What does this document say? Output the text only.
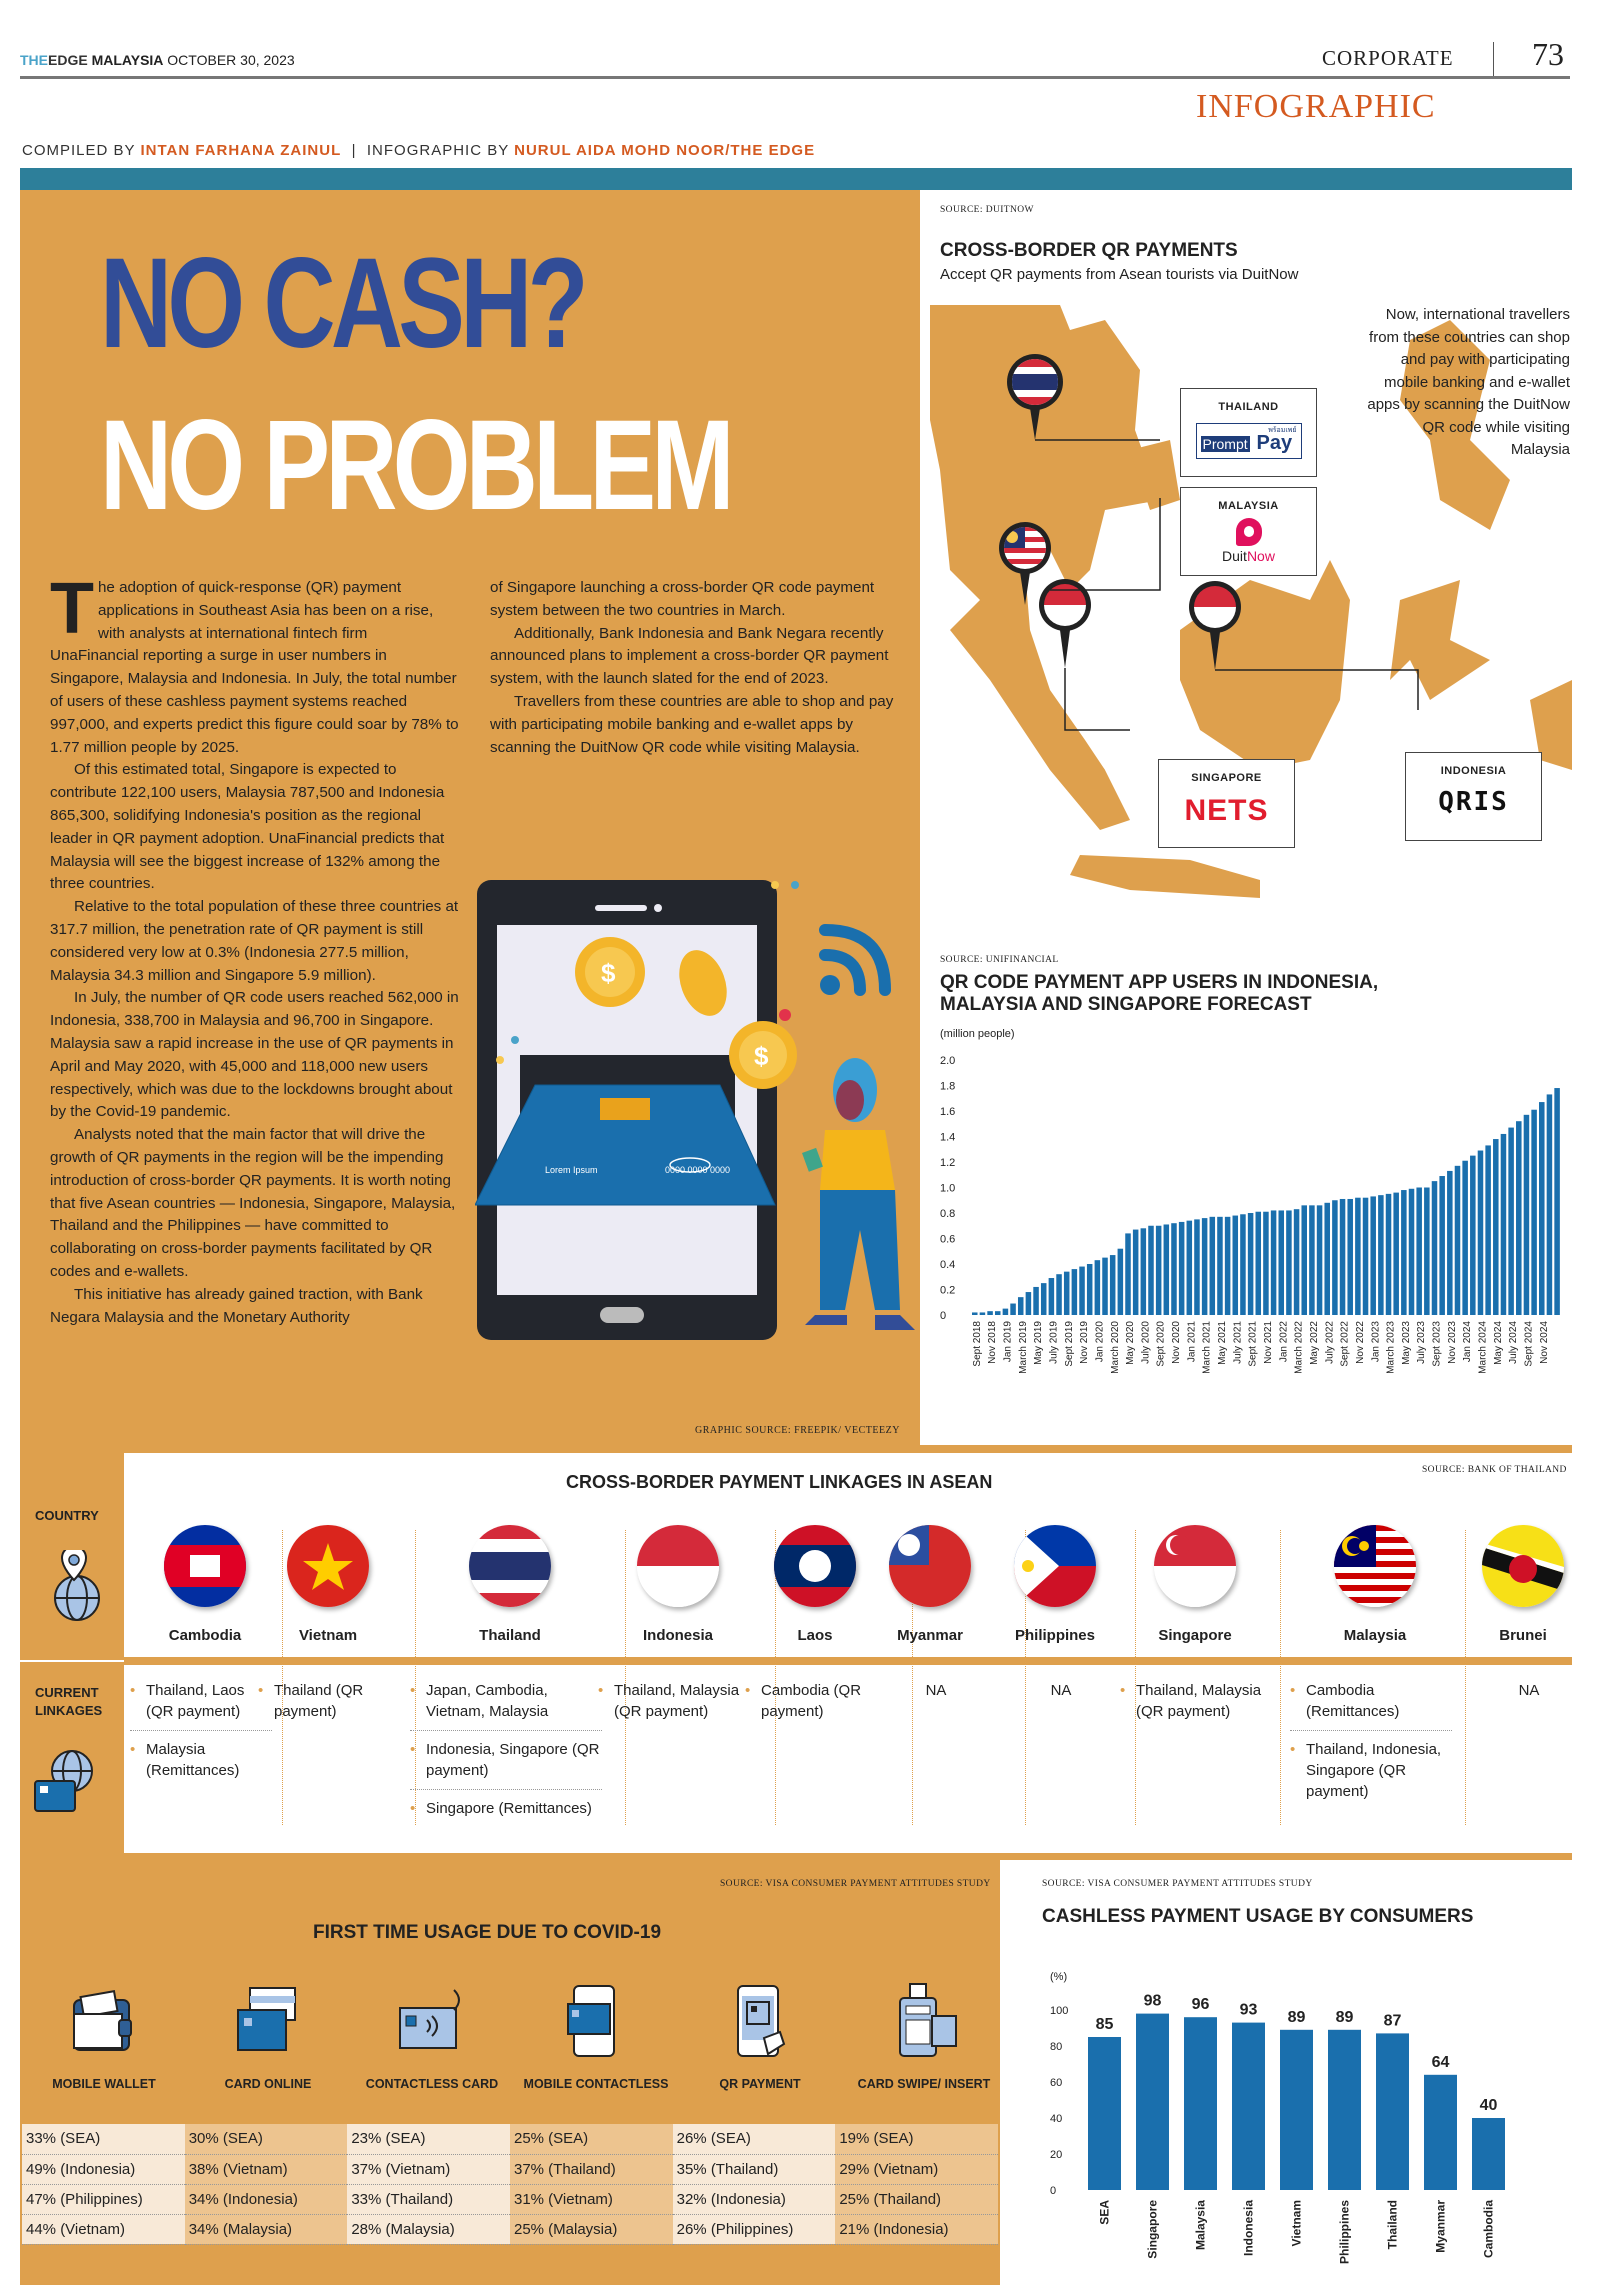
THEEDGE MALAYSIA OCTOBER 30, 2023	CORPORATE 73
INFOGRAPHIC
COMPILED BY INTAN FARHANA ZAINUL | INFOGRAPHIC BY NURUL AIDA MOHD NOOR/THE EDGE
NO CASH?
NO PROBLEM

The adoption of quick-response (QR) payment applications in Southeast Asia has been on a rise, with analysts at international fintech firm UnaFinancial reporting a surge in user numbers in Singapore, Malaysia and Indonesia. In July, the total number of users of these cashless payment systems reached 997,000, and experts predict this figure could soar by 78% to 1.77 million people by 2025.

Of this estimated total, Singapore is expected to contribute 122,100 users, Malaysia 787,500 and Indonesia 865,300, solidifying Indonesia's position as the regional leader in QR payment adoption. UnaFinancial predicts that Malaysia will see the biggest increase of 132% among the three countries.

Relative to the total population of these three countries at 317.7 million, the penetration rate of QR payment is still considered very low at 0.3% (Indonesia 277.5 million, Malaysia 34.3 million and Singapore 5.9 million).

In July, the number of QR code users reached 562,000 in Indonesia, 338,700 in Malaysia and 96,700 in Singapore. Malaysia saw a rapid increase in the use of QR payments in April and May 2020, with 45,000 and 118,000 new users respectively, which was due to the lockdowns brought about by the Covid-19 pandemic.

Analysts noted that the main factor that will drive the growth of QR payments in the region will be the impending introduction of cross-border QR payments. It is worth noting that five Asean countries — Indonesia, Singapore, Malaysia, Thailand and the Philippines — have committed to collaborating on cross-border payments facilitated by QR codes and e-wallets.

This initiative has already gained traction, with Bank Negara Malaysia and the Monetary Authority

of Singapore launching a cross-border QR code payment system between the two countries in March.

Additionally, Bank Indonesia and Bank Negara recently announced plans to implement a cross-border QR payment system, with the launch slated for the end of 2023.

Travellers from these countries are able to shop and pay with participating mobile banking and e-wallet apps by scanning the DuitNow QR code while visiting Malaysia.

0000 0000 0000
Lorem Ipsum
$
$
GRAPHIC SOURCE: FREEPIK/ VECTEEZY
SOURCE: DUITNOW
CROSS-BORDER QR PAYMENTS
Accept QR payments from Asean tourists via DuitNow
THAILAND
พร้อมเพย์
Prompt Pay
MALAYSIA
DuitNow
SINGAPORE
NETS
INDONESIA
QRIS
Now, international travellers from these countries can shop and pay with participating mobile banking and e-wallet apps by scanning the DuitNow QR code while visiting Malaysia
SOURCE: UNIFINANCIAL
QR CODE PAYMENT APP USERS IN INDONESIA, MALAYSIA AND SINGAPORE FORECAST
(million people)
0
0.2
0.4
0.6
0.8
1.0
1.2
1.4
1.6
1.8
2.0
Sept 2018 Nov 2018 Jan 2019 March 2019 May 2019 July 2019 Sept 2019 Nov 2019 Jan 2020 March 2020 May 2020 July 2020 Sept 2020 Nov 2020 Jan 2021 March 2021 May 2021 July 2021 Sept 2021 Nov 2021 Jan 2022 March 2022 May 2022 July 2022 Sept 2022 Nov 2022 Jan 2023 March 2023 May 2023 July 2023 Sept 2023 Nov 2023 Jan 2024 March 2024 May 2024 July 2024 Sept 2024 Nov 2024
SOURCE: BANK OF THAILAND
CROSS-BORDER PAYMENT LINKAGES IN ASEAN
COUNTRY
CURRENT
LINKAGES
Cambodia
• Thailand, Laos (QR payment)
• Malaysia (Remittances)
Vietnam
• Thailand (QR payment)
Thailand
• Japan, Cambodia, Vietnam, Malaysia
• Indonesia, Singapore (QR payment)
• Singapore (Remittances)
Indonesia
• Thailand, Malaysia (QR payment)
Laos
• Cambodia (QR payment)
Myanmar
NA
Philippines
NA
Singapore
• Thailand, Malaysia (QR payment)
Malaysia
• Cambodia (Remittances)
• Thailand, Indonesia, Singapore (QR payment)
Brunei
NA
SOURCE: VISA CONSUMER PAYMENT ATTITUDES STUDY
FIRST TIME USAGE DUE TO COVID-19
MOBILE WALLET	CARD ONLINE	CONTACTLESS CARD	MOBILE CONTACTLESS	QR PAYMENT	CARD SWIPE/ INSERT
33% (SEA)	30% (SEA)	23% (SEA)	25% (SEA)	26% (SEA)	19% (SEA)
49% (Indonesia)	38% (Vietnam)	37% (Vietnam)	37% (Thailand)	35% (Thailand)	29% (Vietnam)
47% (Philippines)	34% (Indonesia)	33% (Thailand)	31% (Vietnam)	32% (Indonesia)	25% (Thailand)
44% (Vietnam)	34% (Malaysia)	28% (Malaysia)	25% (Malaysia)	26% (Philippines)	21% (Indonesia)
SOURCE: VISA CONSUMER PAYMENT ATTITUDES STUDY
CASHLESS PAYMENT USAGE BY CONSUMERS
(%)
0
20
40
60
80
100
85
SEA
98
Singapore
96
Malaysia
93
Indonesia
89
Vietnam
89
Philippines
87
Thailand
64
Myanmar
40
Cambodia
